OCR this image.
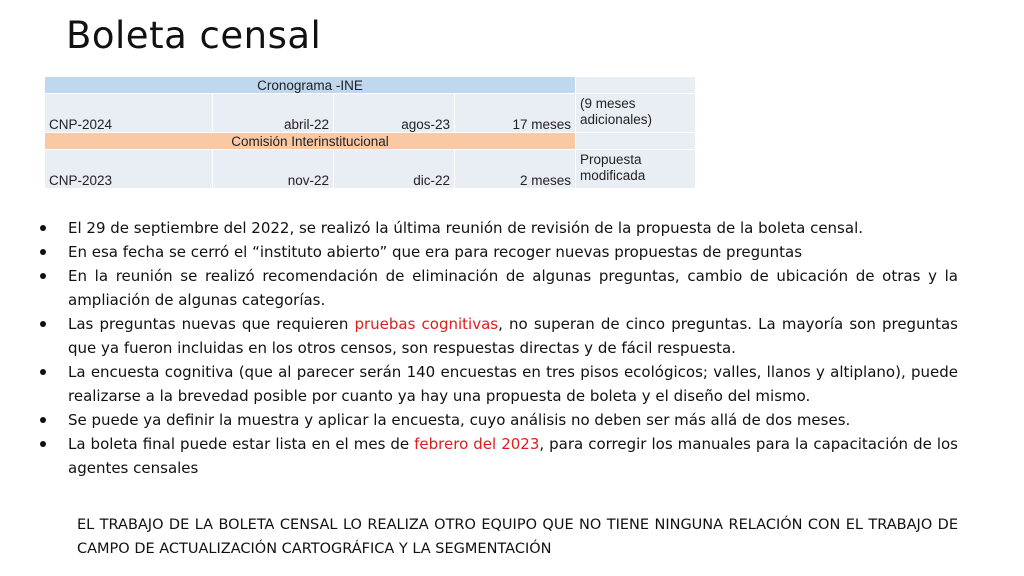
Boleta censal
Cronograma -INE				
CNP-2024	abril-22	agos-23	17 meses	(9 meses adicionales)
Comisión Interinstitucional				
CNP-2023	nov-22	dic-22	2 meses	Propuesta modificada
El 29 de septiembre del 2022, se realizó la última reunión de revisión de la propuesta de la boleta censal.
En esa fecha se cerró el “instituto abierto” que era para recoger nuevas propuestas de preguntas
En la reunión se realizó recomendación de eliminación de algunas preguntas, cambio de ubicación de otras y la ampliación de algunas categorías.
Las preguntas nuevas que requieren pruebas cognitivas, no superan de cinco preguntas. La mayoría son preguntas que ya fueron incluidas en los otros censos, son respuestas directas y de fácil respuesta.
La encuesta cognitiva (que al parecer serán 140 encuestas en tres pisos ecológicos; valles, llanos y altiplano), puede realizarse a la brevedad posible por cuanto ya hay una propuesta de boleta y el diseño del mismo.
Se puede ya definir la muestra y aplicar la encuesta, cuyo análisis no deben ser más allá de dos meses.
La boleta final puede estar lista en el mes de febrero del 2023, para corregir los manuales para la capacitación de los agentes censales

EL TRABAJO DE LA BOLETA CENSAL LO REALIZA OTRO EQUIPO QUE NO TIENE NINGUNA RELACIÓN CON EL TRABAJO DE CAMPO DE ACTUALIZACIÓN CARTOGRÁFICA Y LA SEGMENTACIÓN
